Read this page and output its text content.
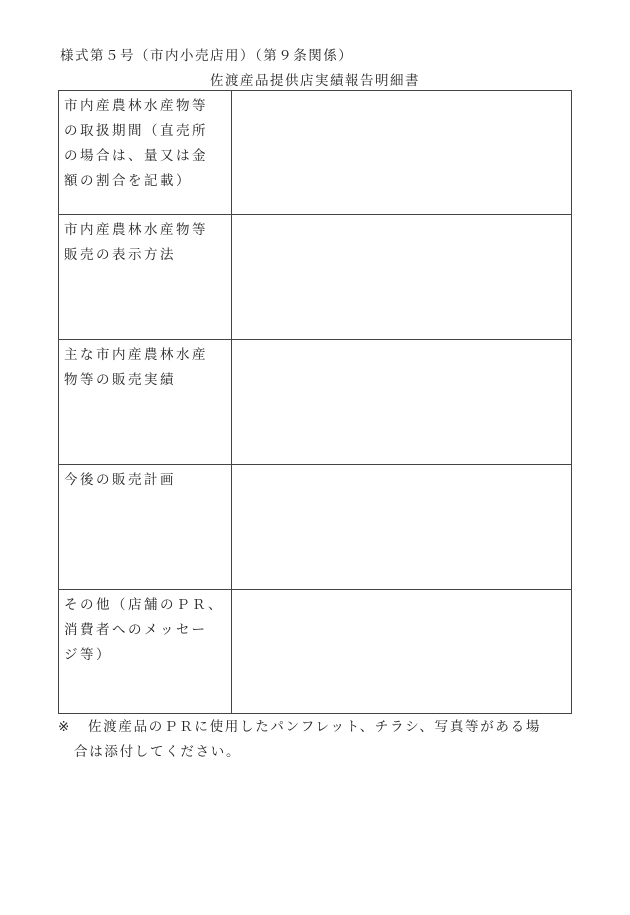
様式第５号（市内小売店用）（第９条関係）
佐渡産品提供店実績報告明細書
市内産農林水産物等
の取扱期間（直売所
の場合は、量又は金
額の割合を記載）	

市内産農林水産物等
販売の表示方法	

主な市内産農林水産
物等の販売実績	

今後の販売計画	

その他（店舗のＰＲ、
消費者へのメッセー
ジ等）	

※	佐渡産品のＰＲに使用したパンフレット、チラシ、写真等がある場
合は添付してください。
